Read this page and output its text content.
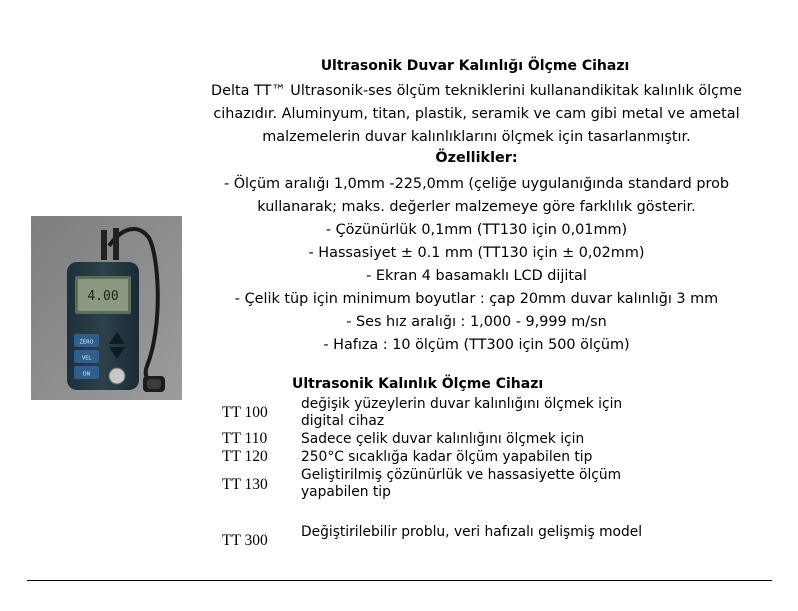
Ultrasonik Duvar Kalınlığı Ölçme Cihazı
Delta TT™ Ultrasonik-ses ölçüm tekniklerini kullanandikitak kalınlık ölçme cihazıdır. Aluminyum, titan, plastik, seramik ve cam gibi metal ve ametal malzemelerin duvar kalınlıklarını ölçmek için tasarlanmıştır.
Özellikler:
- Ölçüm aralığı 1,0mm -225,0mm (çeliğe uygulanığında standard prob kullanarak; maks. değerler malzemeye göre farklılık gösterir.
- Çözünürlük 0,1mm (TT130 için 0,01mm)
- Hassasiyet ± 0.1 mm (TT130 için ± 0,02mm)
- Ekran 4 basamaklı LCD dijital
- Çelik tüp için minimum boyutlar : çap 20mm duvar kalınlığı 3 mm
- Ses hız aralığı : 1,000 - 9,999 m/sn
- Hafıza : 10 ölçüm (TT300 için 500 ölçüm)
Ultrasonik Kalınlık Ölçme Cihazı
TT 100 değişik yüzeylerin duvar kalınlığını ölçmek için digital cihaz
TT 110 Sadece çelik duvar kalınlığını ölçmek için
TT 120 250°C sıcaklığa kadar ölçüm yapabilen tip
TT 130
Geliştirilmiş çözünürlük ve hassasiyette ölçüm yapabilen tip
TT 300 Değiştirilebilir problu, veri hafızalı gelişmiş model
4.00
ZERO
VEL
ON
